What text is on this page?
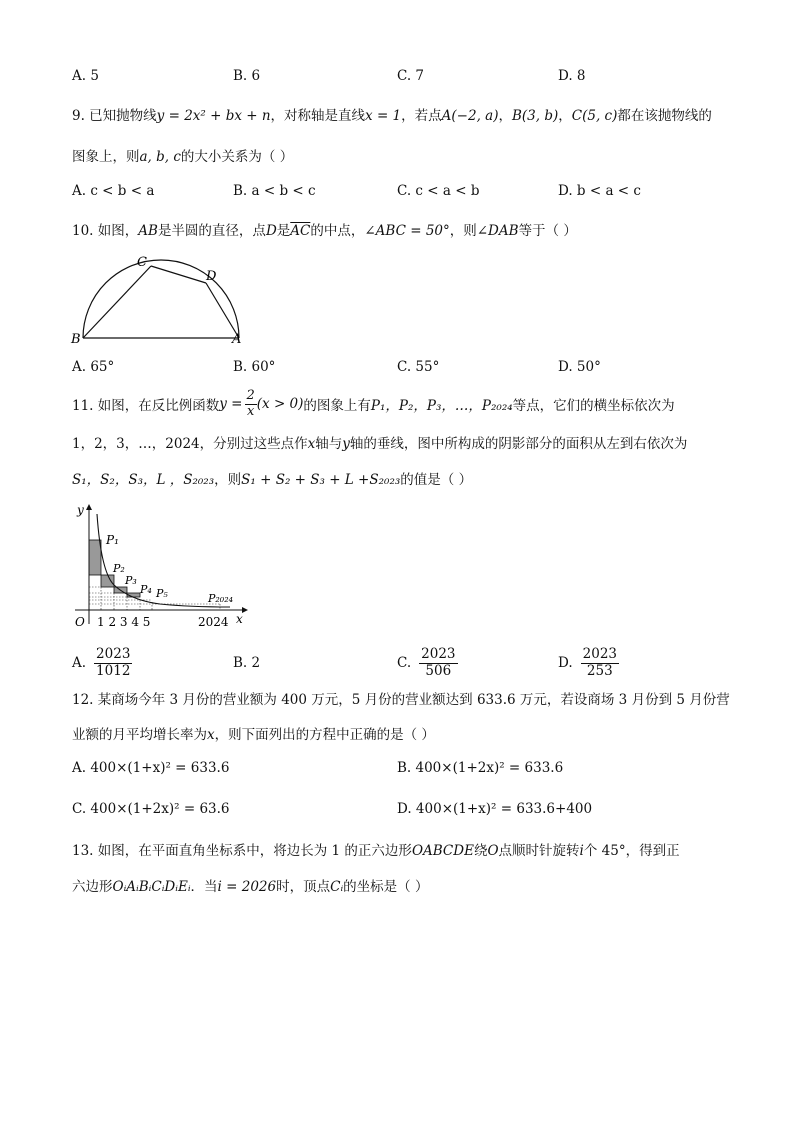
A. 5	B. 6	C. 7	D. 8
9. 已知抛物线y = 2x² + bx + n，对称轴是直线x = 1，若点A(−2, a)，B(3, b)，C(5, c)都在该抛物线的
图象上，则a, b, c的大小关系为（ ）
A. c < b < a	B. a < b < c	C. c < a < b	D. b < a < c
10. 如图，AB是半圆的直径，点D是$\overline{AC}$的中点，∠ABC = 50°，则∠DAB等于（ ）
B	A
C
D
A. 65°	B. 60°	C. 55°	D. 50°
11. 如图，在反比例函数 $y = \frac{2}{x} (x > 0)$ 的图象上有 P₁，P₂，P₃，…，P₂₀₂₄ 等点，它们的横坐标依次为
1，2，3，…，2024，分别过这些点作x轴与y轴的垂线，图中所构成的阴影部分的面积从左到右依次为
S₁，S₂，S₃，L ，S₂₀₂₃，则S₁ + S₂ + S₃ + L +S₂₀₂₃的值是（ ）
y
x
O
P₁
P₂
P₃
P₄ P₅	P₂₀₂₄
1 2 3 4 5	2024
A. $\frac{2023}{1012}$	B. 2	C. $\frac{2023}{506}$	D. $\frac{2023}{253}$
12. 某商场今年 3 月份的营业额为 400 万元，5 月份的营业额达到 633.6 万元，若设商场 3 月份到 5 月份营
业额的月平均增长率为x，则下面列出的方程中正确的是（ ）
A. 400×(1+x)² = 633.6	B. 400×(1+2x)² = 633.6
C. 400×(1+2x)² = 63.6	D. 400×(1+x)² = 633.6+400
13. 如图，在平面直角坐标系中，将边长为 1 的正六边形OABCDE绕O点顺时针旋转i个 45°，得到正
六边形OᵢAᵢBᵢCᵢDᵢEᵢ．当i = 2026时，顶点Cᵢ的坐标是（ ）
